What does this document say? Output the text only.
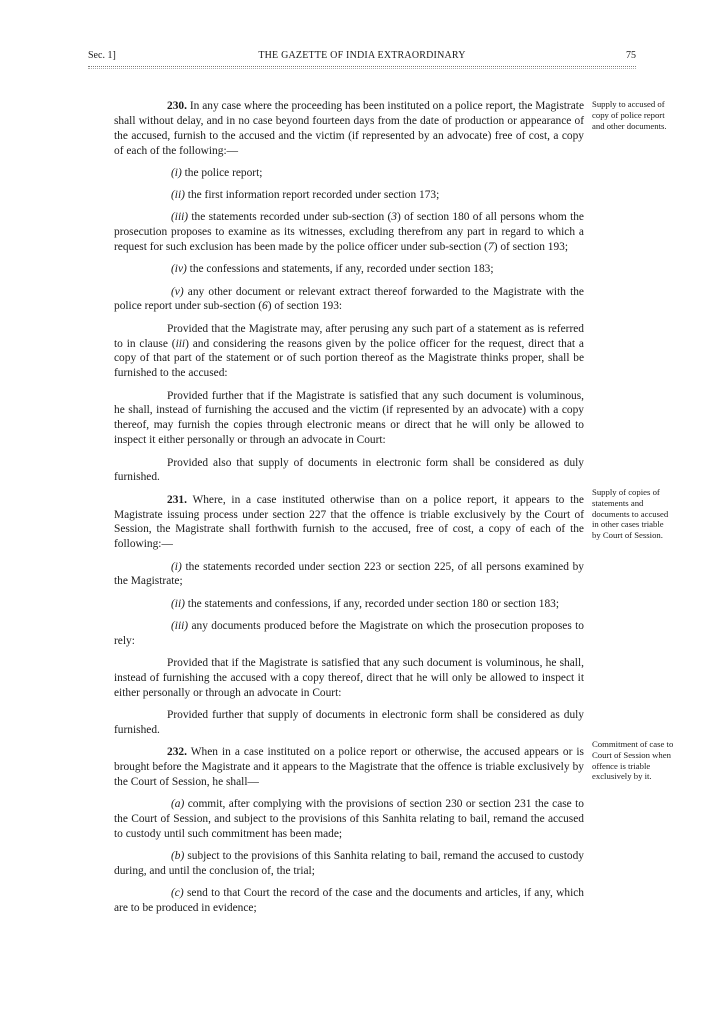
Sec. 1]	THE GAZETTE OF INDIA EXTRAORDINARY	75

230. In any case where the proceeding has been instituted on a police report, the Magistrate shall without delay, and in no case beyond fourteen days from the date of production or appearance of the accused, furnish to the accused and the victim (if represented by an advocate) free of cost, a copy of each of the following:—

(i) the police report;

(ii) the first information report recorded under section 173;

(iii) the statements recorded under sub-section (3) of section 180 of all persons whom the prosecution proposes to examine as its witnesses, excluding therefrom any part in regard to which a request for such exclusion has been made by the police officer under sub-section (7) of section 193;

(iv) the confessions and statements, if any, recorded under section 183;

(v) any other document or relevant extract thereof forwarded to the Magistrate with the police report under sub-section (6) of section 193:

Provided that the Magistrate may, after perusing any such part of a statement as is referred to in clause (iii) and considering the reasons given by the police officer for the request, direct that a copy of that part of the statement or of such portion thereof as the Magistrate thinks proper, shall be furnished to the accused:

Provided further that if the Magistrate is satisfied that any such document is voluminous, he shall, instead of furnishing the accused and the victim (if represented by an advocate) with a copy thereof, may furnish the copies through electronic means or direct that he will only be allowed to inspect it either personally or through an advocate in Court:

Provided also that supply of documents in electronic form shall be considered as duly furnished.

231. Where, in a case instituted otherwise than on a police report, it appears to the Magistrate issuing process under section 227 that the offence is triable exclusively by the Court of Session, the Magistrate shall forthwith furnish to the accused, free of cost, a copy of each of the following:—

(i) the statements recorded under section 223 or section 225, of all persons examined by the Magistrate;

(ii) the statements and confessions, if any, recorded under section 180 or section 183;

(iii) any documents produced before the Magistrate on which the prosecution proposes to rely:

Provided that if the Magistrate is satisfied that any such document is voluminous, he shall, instead of furnishing the accused with a copy thereof, direct that he will only be allowed to inspect it either personally or through an advocate in Court:

Provided further that supply of documents in electronic form shall be considered as duly furnished.

232. When in a case instituted on a police report or otherwise, the accused appears or is brought before the Magistrate and it appears to the Magistrate that the offence is triable exclusively by the Court of Session, he shall—

(a) commit, after complying with the provisions of section 230 or section 231 the case to the Court of Session, and subject to the provisions of this Sanhita relating to bail, remand the accused to custody until such commitment has been made;

(b) subject to the provisions of this Sanhita relating to bail, remand the accused to custody during, and until the conclusion of, the trial;

(c) send to that Court the record of the case and the documents and articles, if any, which are to be produced in evidence;

Supply to accused of copy of police report and other documents.
Supply of copies of statements and documents to accused in other cases triable by Court of Session.
Commitment of case to Court of Session when offence is triable exclusively by it.
